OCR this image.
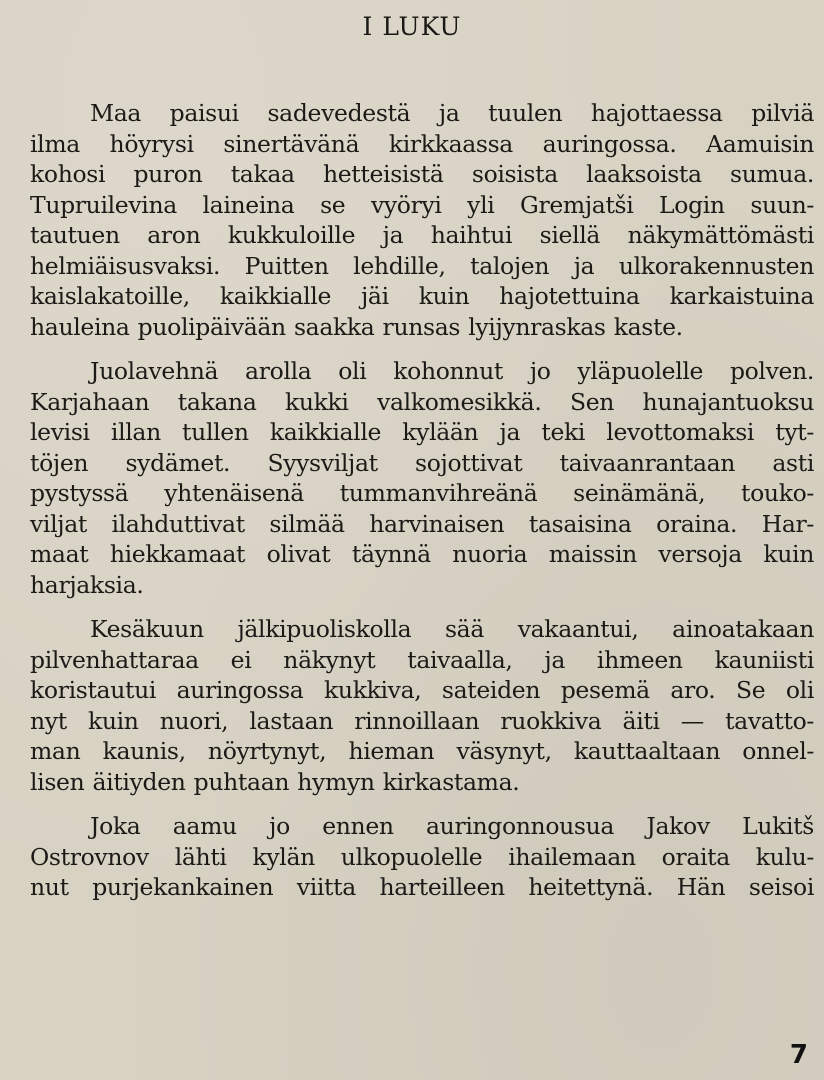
I LUKU
Maa paisui sadevedestä ja tuulen hajottaessa pilviä
ilma höyrysi sinertävänä kirkkaassa auringossa. Aamuisin
kohosi puron takaa hetteisistä soisista laaksoista sumua.
Tupruilevina laineina se vyöryi yli Gremjatši Login suun-
tautuen aron kukkuloille ja haihtui siellä näkymättömästi
helmiäisusvaksi. Puitten lehdille, talojen ja ulkorakennusten
kaislakatoille, kaikkialle jäi kuin hajotettuina karkaistuina
hauleina puolipäivään saakka runsas lyijynraskas kaste.
Juolavehnä arolla oli kohonnut jo yläpuolelle polven.
Karjahaan takana kukki valkomesikkä. Sen hunajantuoksu
levisi illan tullen kaikkialle kylään ja teki levottomaksi tyt-
töjen sydämet. Syysviljat sojottivat taivaanrantaan asti
pystyssä yhtenäisenä tummanvihreänä seinämänä, touko-
viljat ilahduttivat silmää harvinaisen tasaisina oraina. Har-
maat hiekkamaat olivat täynnä nuoria maissin versoja kuin
harjaksia.
Kesäkuun jälkipuoliskolla sää vakaantui, ainoatakaan
pilvenhattaraa ei näkynyt taivaalla, ja ihmeen kauniisti
koristautui auringossa kukkiva, sateiden pesemä aro. Se oli
nyt kuin nuori, lastaan rinnoillaan ruokkiva äiti — tavatto-
man kaunis, nöyrtynyt, hieman väsynyt, kauttaaltaan onnel-
lisen äitiyden puhtaan hymyn kirkastama.
Joka aamu jo ennen auringonnousua Jakov Lukitš
Ostrovnov lähti kylän ulkopuolelle ihailemaan oraita kulu-
nut purjekankainen viitta harteilleen heitettynä. Hän seisoi
7
